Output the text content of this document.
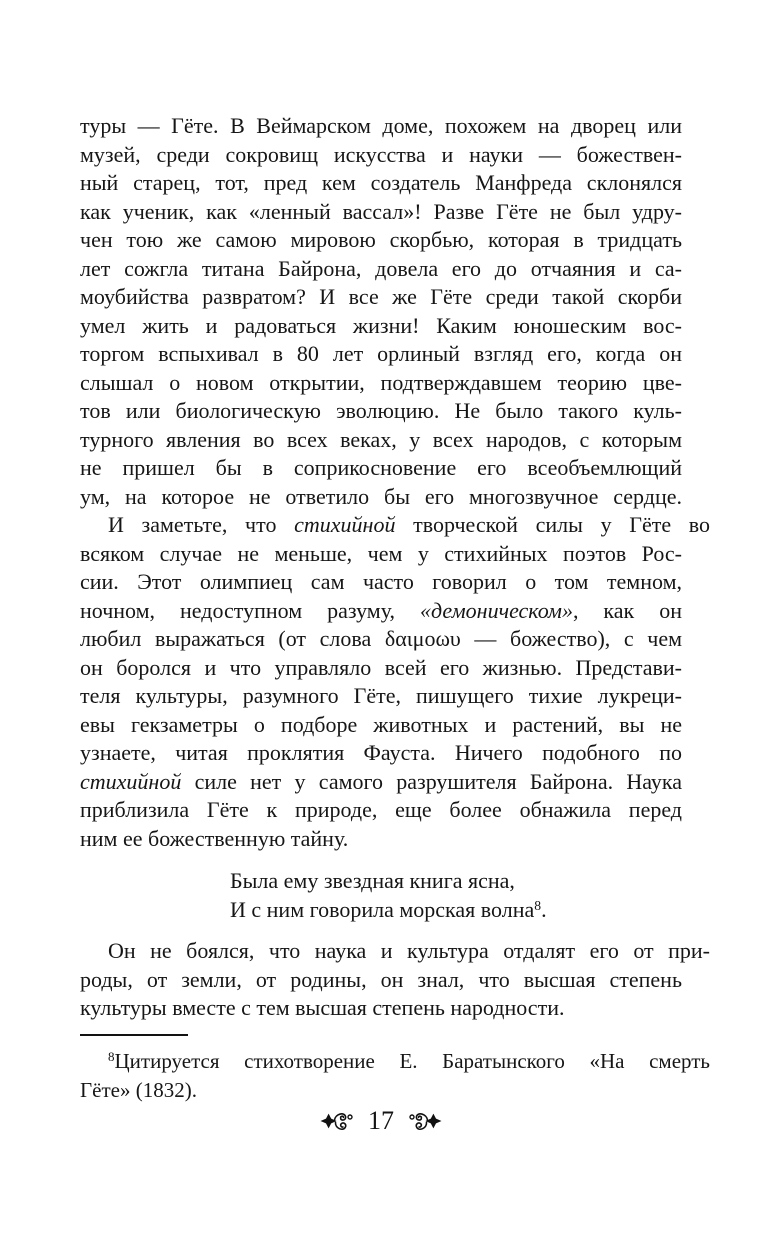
туры — Гёте. В Веймарском доме, похожем на дворец или
музей, среди сокровищ искусства и науки — божествен-
ный старец, тот, пред кем создатель Манфреда склонялся
как ученик, как «ленный вассал»! Разве Гёте не был удру-
чен тою же самою мировою скорбью, которая в тридцать
лет сожгла титана Байрона, довела его до отчаяния и са-
моубийства развратом? И все же Гёте среди такой скорби
умел жить и радоваться жизни! Каким юношеским вос-
торгом вспыхивал в 80 лет орлиный взгляд его, когда он
слышал о новом открытии, подтверждавшем теорию цве-
тов или биологическую эволюцию. Не было такого куль-
турного явления во всех веках, у всех народов, с которым
не пришел бы в соприкосновение его всеобъемлющий
ум, на которое не ответило бы его многозвучное сердце.
И заметьте, что стихийной творческой силы у Гёте во
всяком случае не меньше, чем у стихийных поэтов Рос-
сии. Этот олимпиец сам часто говорил о том темном,
ночном, недоступном разуму, «демоническом», как он
любил выражаться (от слова δαιμοωυ — божество), с чем
он боролся и что управляло всей его жизнью. Представи-
теля культуры, разумного Гёте, пишущего тихие лукреци-
евы гекзаметры о подборе животных и растений, вы не
узнаете, читая проклятия Фауста. Ничего подобного по
стихийной силе нет у самого разрушителя Байрона. Наука
приблизила Гёте к природе, еще более обнажила перед
ним ее божественную тайну.
Была ему звездная книга ясна,
И с ним говорила морская волна$^8$.
Он не боялся, что наука и культура отдалят его от при-
роды, от земли, от родины, он знал, что высшая степень
культуры вместе с тем высшая степень народности.
$^8$Цитируется стихотворение Е. Баратынского «На смерть
Гёте» (1832).
17
